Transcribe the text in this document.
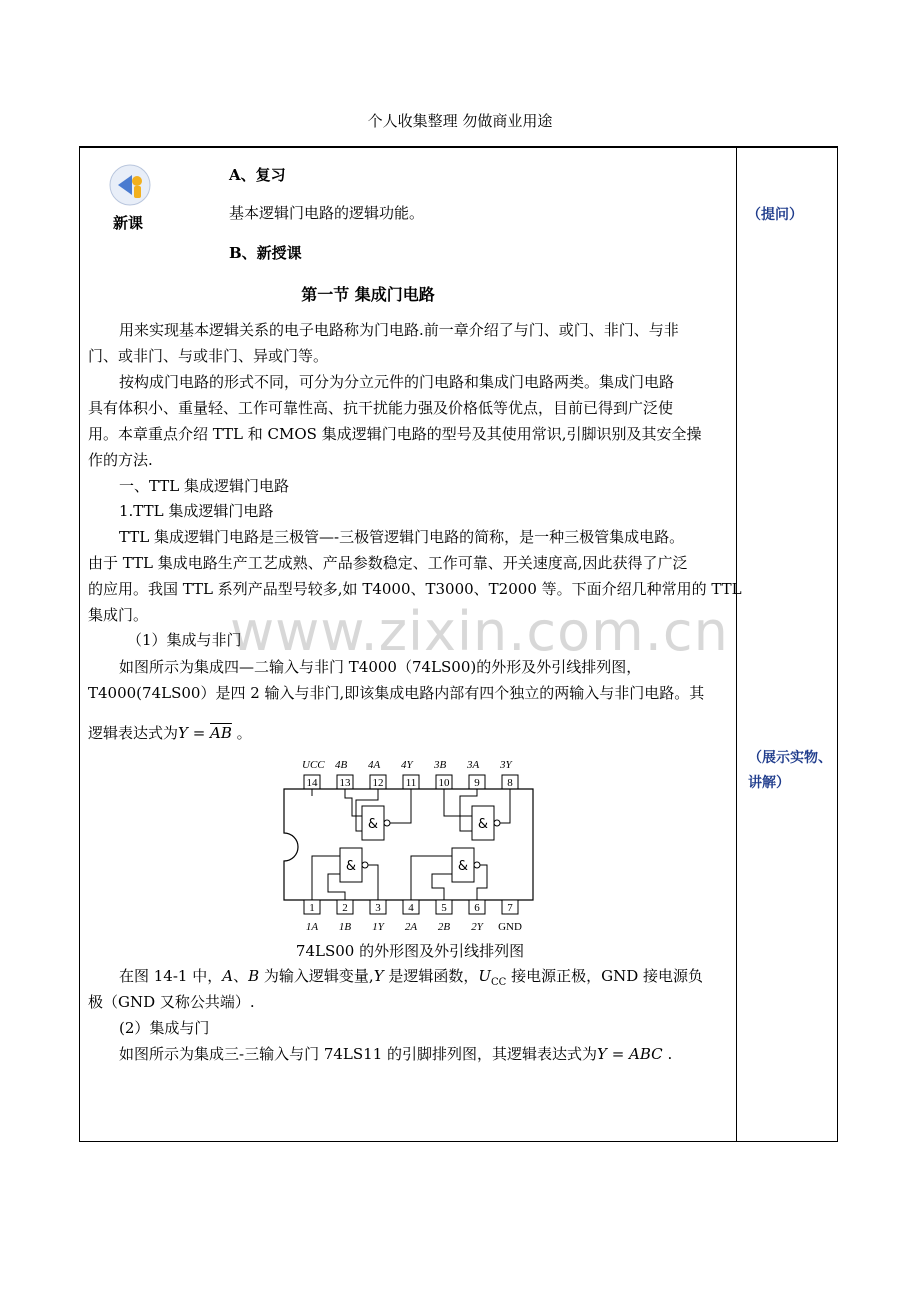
个人收集整理 勿做商业用途
新课	（提问）
（展示实物、
讲解）
A、复习
基本逻辑门电路的逻辑功能。
B、新授课
第一节 集成门电路
用来实现基本逻辑关系的电子电路称为门电路.前一章介绍了与门、或门、非门、与非
门、或非门、与或非门、异或门等。
按构成门电路的形式不同，可分为分立元件的门电路和集成门电路两类。集成门电路
具有体积小、重量轻、工作可靠性高、抗干扰能力强及价格低等优点，目前已得到广泛使
用。本章重点介绍 TTL 和 CMOS 集成逻辑门电路的型号及其使用常识,引脚识别及其安全操
作的方法.
一、TTL 集成逻辑门电路
1.TTL 集成逻辑门电路
TTL 集成逻辑门电路是三极管—-三极管逻辑门电路的简称，是一种三极管集成电路。
由于 TTL 集成电路生产工艺成熟、产品参数稳定、工作可靠、开关速度高,因此获得了广泛
的应用。我国 TTL 系列产品型号较多,如 T4000、T3000、T2000 等。下面介绍几种常用的 TTL
集成门。 www.zixin.com.cn
（1）集成与非门
如图所示为集成四—二输入与非门 T4000（74LS00)的外形及外引线排列图，
T4000(74LS00）是四 2 输入与非门,即该集成电路内部有四个独立的两输入与非门电路。其
逻辑表达式为$Y = \overline{AB}$ 。
UCC 4B 4A 4Y 3B 3A 3Y
14 13 12 11 10 9	8
&	&
&	&
1	2	3	4	5	6	7
1A 1B 1Y 2A 2B 2Y GND
74LS00 的外形图及外引线排列图
在图 14-1 中，A、B 为输入逻辑变量,Y 是逻辑函数，$U_{CC}$ 接电源正极，GND 接电源负
极（GND 又称公共端）.
(2）集成与门
如图所示为集成三-三输入与门 74LS11 的引脚排列图，其逻辑表达式为Y = ABC .
